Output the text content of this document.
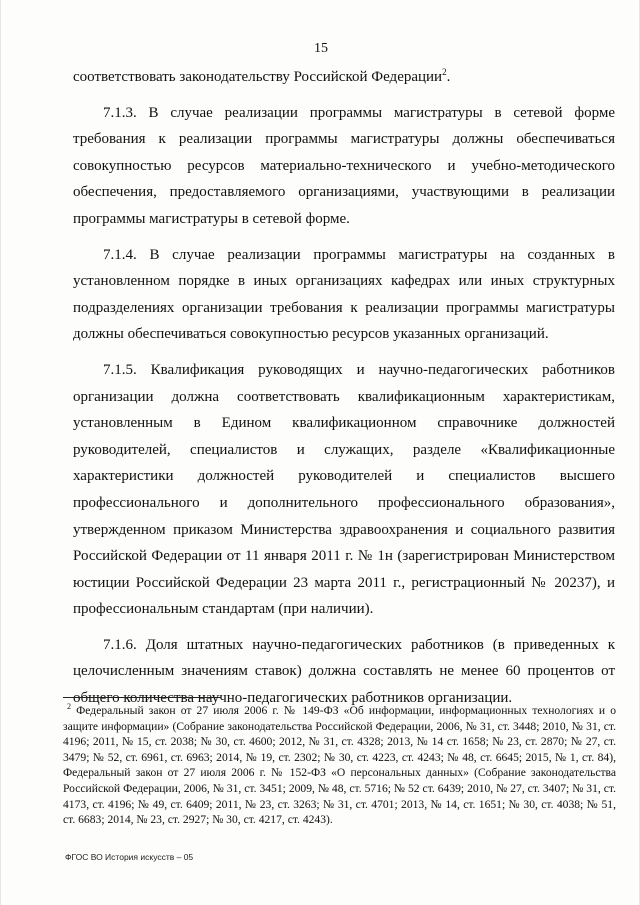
15

соответствовать законодательству Российской Федерации$^2$.

7.1.3. В случае реализации программы магистратуры в сетевой форме требования к реализации программы магистратуры должны обеспечиваться совокупностью ресурсов материально-технического и учебно-методического обеспечения, предоставляемого организациями, участвующими в реализации программы магистратуры в сетевой форме.

7.1.4. В случае реализации программы магистратуры на созданных в установленном порядке в иных организациях кафедрах или иных структурных подразделениях организации требования к реализации программы магистратуры должны обеспечиваться совокупностью ресурсов указанных организаций.

7.1.5. Квалификация руководящих и научно-педагогических работников организации должна соответствовать квалификационным характеристикам, установленным в Едином квалификационном справочнике должностей руководителей, специалистов и служащих, разделе «Квалификационные характеристики должностей руководителей и специалистов высшего профессионального и дополнительного профессионального образования», утвержденном приказом Министерства здравоохранения и социального развития Российской Федерации от 11 января 2011 г. № 1н (зарегистрирован Министерством юстиции Российской Федерации 23 марта 2011 г., регистрационный № 20237), и профессиональным стандартам (при наличии).

7.1.6. Доля штатных научно-педагогических работников (в приведенных к целочисленным значениям ставок) должна составлять не менее 60 процентов от общего количества научно-педагогических работников организации.

$^2$ Федеральный закон от 27 июля 2006 г. № 149-ФЗ «Об информации, информационных технологиях и о защите информации» (Собрание законодательства Российской Федерации, 2006, № 31, ст. 3448; 2010, № 31, ст. 4196; 2011, № 15, ст. 2038; № 30, ст. 4600; 2012, № 31, ст. 4328; 2013, № 14 ст. 1658; № 23, ст. 2870; № 27, ст. 3479; № 52, ст. 6961, ст. 6963; 2014, № 19, ст. 2302; № 30, ст. 4223, ст. 4243; № 48, ст. 6645; 2015, № 1, ст. 84), Федеральный закон от 27 июля 2006 г. № 152-ФЗ «О персональных данных» (Собрание законодательства Российской Федерации, 2006, № 31, ст. 3451; 2009, № 48, ст. 5716; № 52 ст. 6439; 2010, № 27, ст. 3407; № 31, ст. 4173, ст. 4196; № 49, ст. 6409; 2011, № 23, ст. 3263; № 31, ст. 4701; 2013, № 14, ст. 1651; № 30, ст. 4038; № 51, ст. 6683; 2014, № 23, ст. 2927; № 30, ст. 4217, ст. 4243).

ФГОС ВО История искусств – 05
